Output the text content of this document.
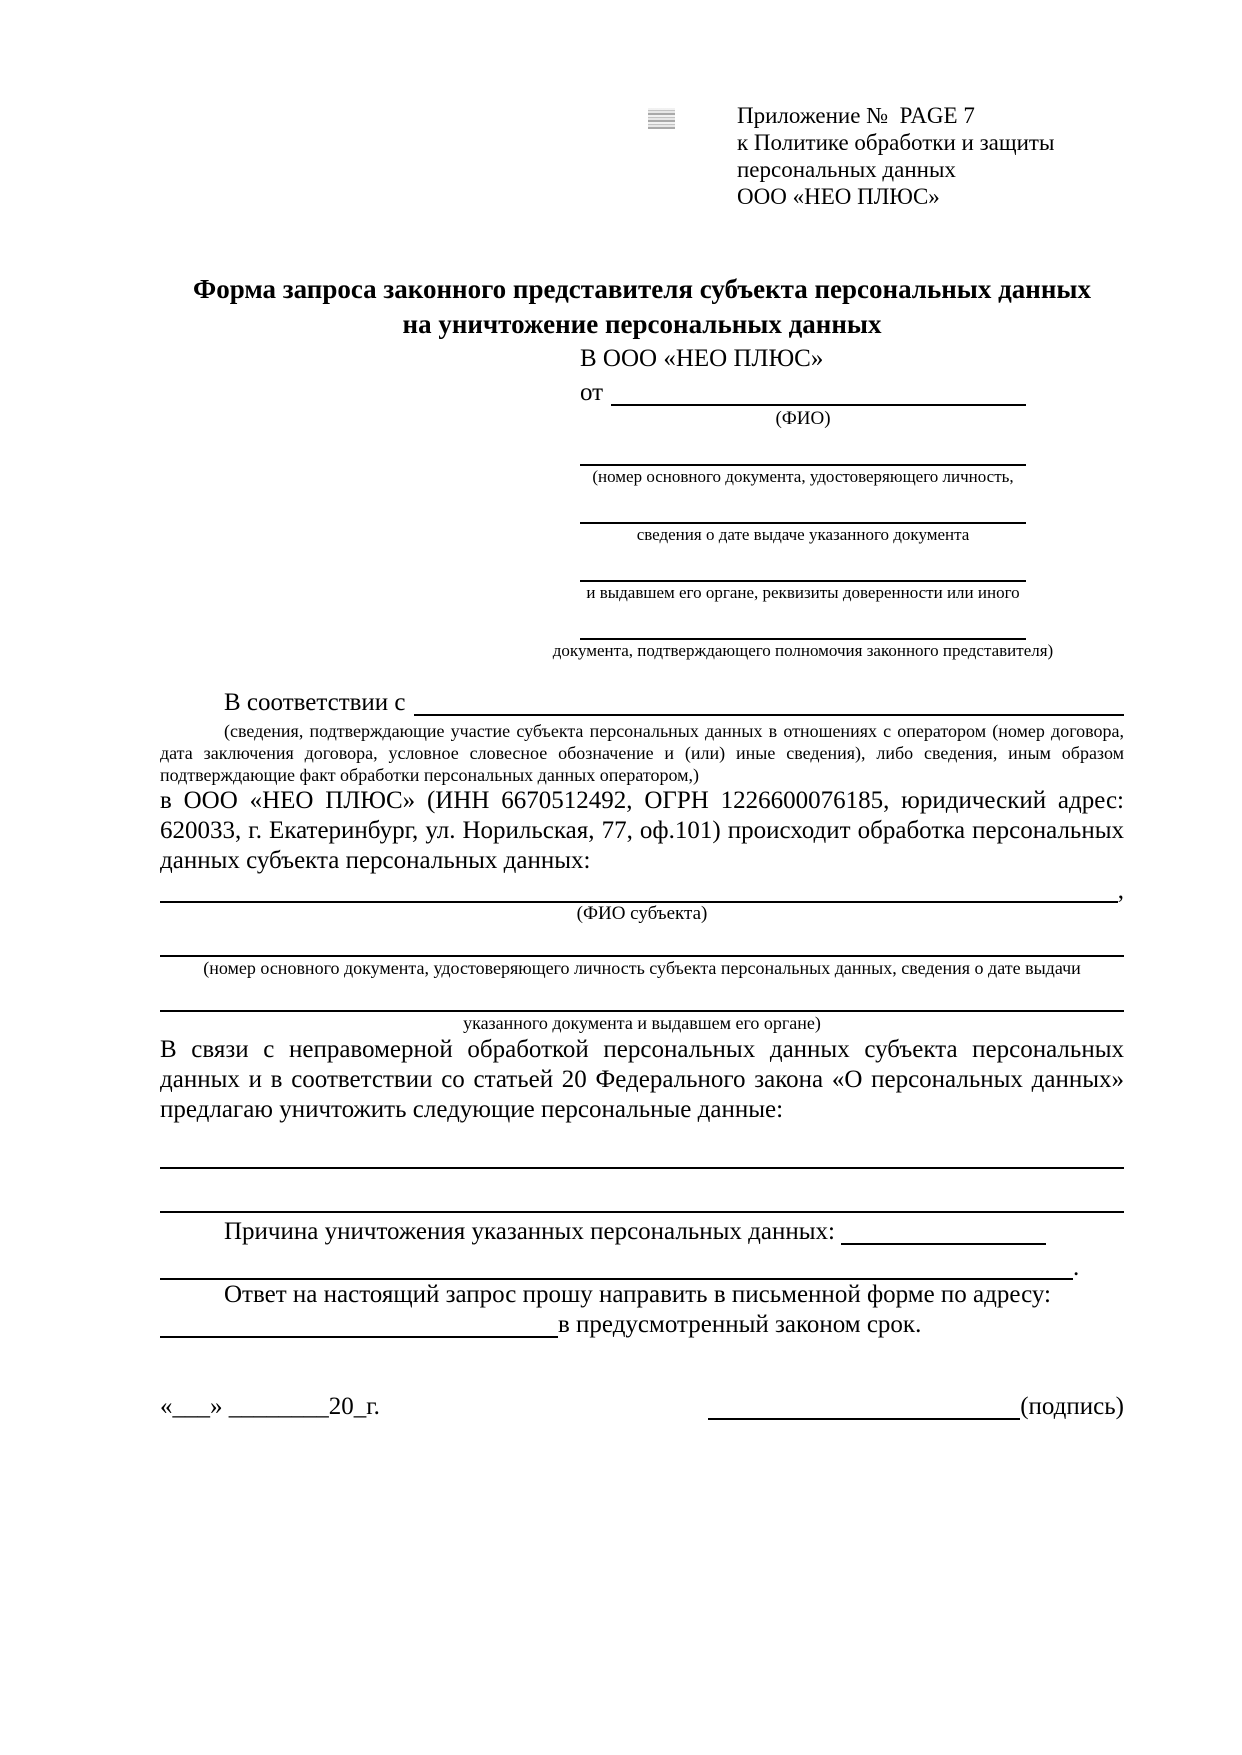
Приложение №  PAGE 7
к Политике обработки и защиты
персональных данных
ООО «НЕО ПЛЮС»
Форма запроса законного представителя субъекта персональных данных
на уничтожение персональных данных
В ООО «НЕО ПЛЮС»
от
(ФИО)
(номер основного документа, удостоверяющего личность,
сведения о дате выдаче указанного документа
и выдавшем его органе, реквизиты доверенности или иного
документа, подтверждающего полномочия законного представителя)
В соответствии с
(сведения, подтверждающие участие субъекта персональных данных в отношениях с оператором (номер договора, дата заключения договора, условное словесное обозначение и (или) иные сведения), либо сведения, иным образом подтверждающие факт обработки персональных данных оператором,)
в ООО «НЕО ПЛЮС» (ИНН 6670512492, ОГРН 1226600076185, юридический адрес: 620033, г. Екатеринбург, ул. Норильская, 77, оф.101) происходит обработка персональных данных субъекта персональных данных:
,
(ФИО субъекта)
(номер основного документа, удостоверяющего личность субъекта персональных данных, сведения о дате выдачи
указанного документа и выдавшем его органе)
В связи с неправомерной обработкой персональных данных субъекта персональных данных и в соответствии со статьей 20 Федерального закона «О персональных данных» предлагаю уничтожить следующие персональные данные:
Причина уничтожения указанных персональных данных:
.
Ответ на настоящий запрос прошу направить в письменной форме по адресу:
в предусмотренный законом срок.
«___» ________20_г.	(подпись)
